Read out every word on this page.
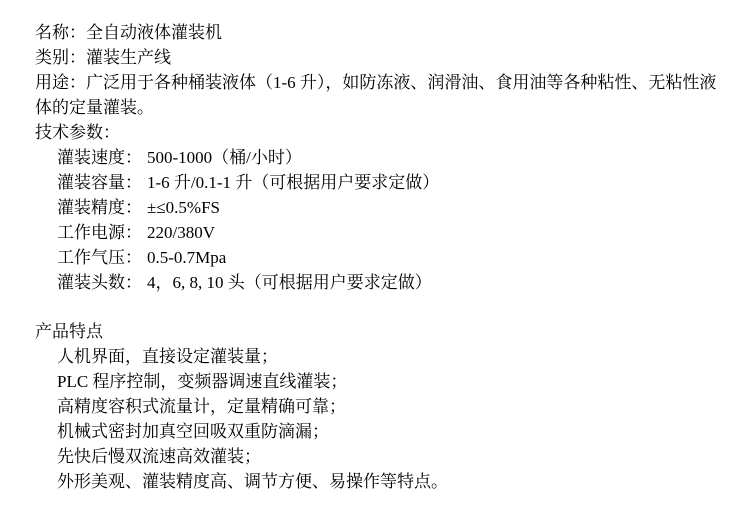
名称：全自动液体灌装机
类别：灌装生产线
用途：广泛用于各种桶装液体（1-6 升），如防冻液、润滑油、食用油等各种粘性、无粘性液
体的定量灌装。
技术参数：
灌装速度： 500-1000（桶/小时）
灌装容量： 1-6 升/0.1-1 升（可根据用户要求定做）
灌装精度： ±≤0.5%FS
工作电源： 220/380V
工作气压： 0.5-0.7Mpa
灌装头数： 4，6, 8, 10 头（可根据用户要求定做）
产品特点
人机界面，直接设定灌装量；
PLC 程序控制，变频器调速直线灌装；
高精度容积式流量计，定量精确可靠；
机械式密封加真空回吸双重防滴漏；
先快后慢双流速高效灌装；
外形美观、灌装精度高、调节方便、易操作等特点。
